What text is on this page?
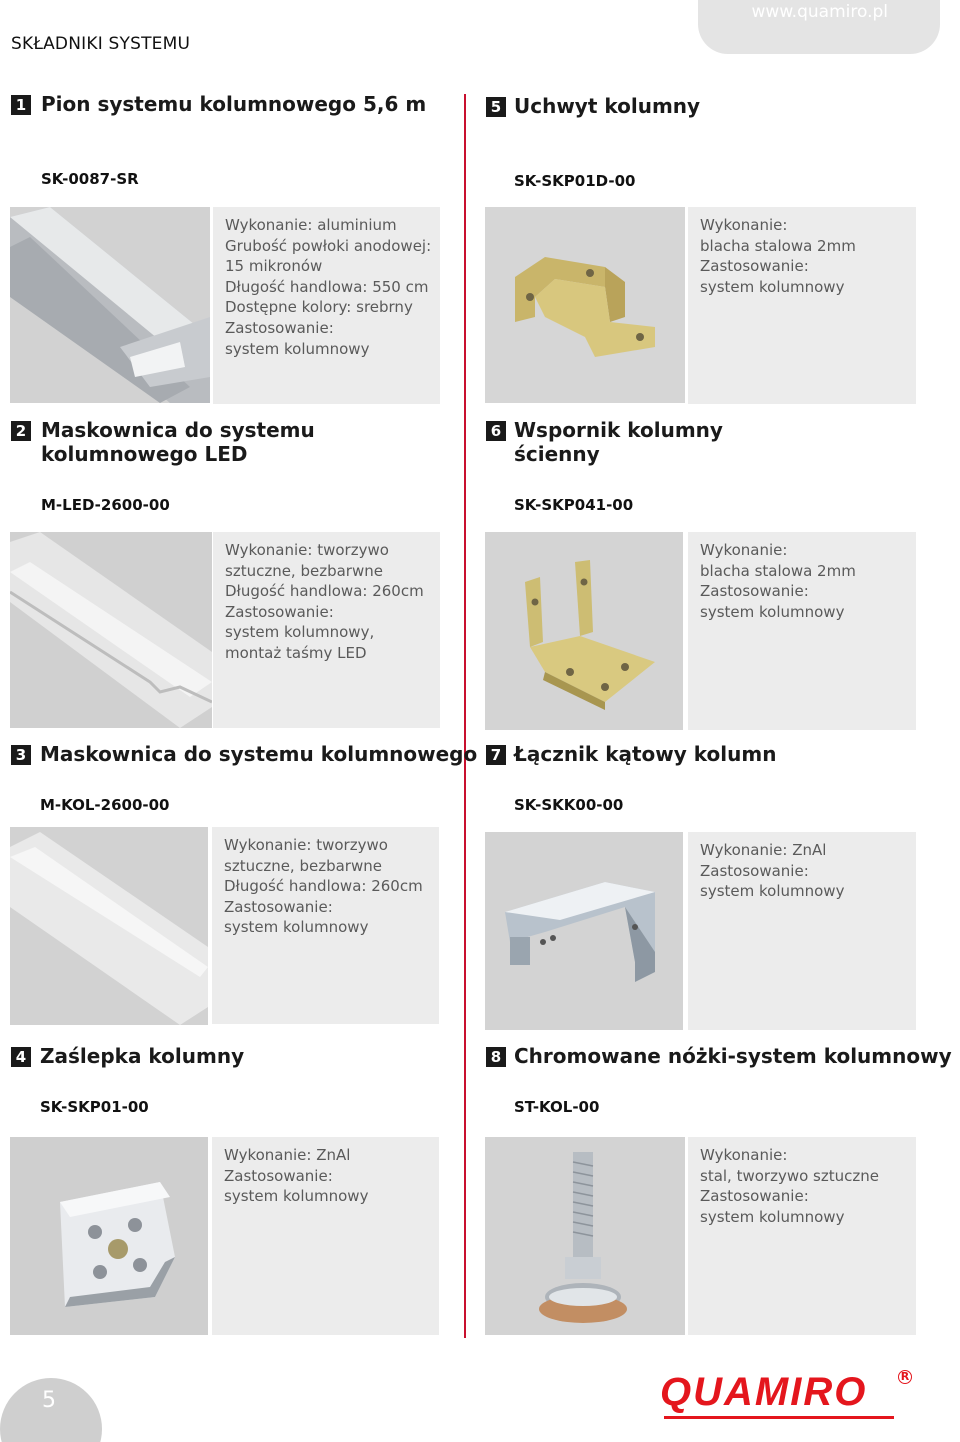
SKŁADNIKI SYSTEMU
www.quamiro.pl
1 Pion systemu kolumnowego 5,6 m
SK-0087-SR
Wykonanie: aluminium
Grubość powłoki anodowej:
15 mikronów
Długość handlowa: 550 cm
Dostępne kolory: srebrny
Zastosowanie:
system kolumnowy
2 Maskownica do systemu
kolumnowego LED
M-LED-2600-00
Wykonanie: tworzywo
sztuczne, bezbarwne
Długość handlowa: 260cm
Zastosowanie:
system kolumnowy,
montaż taśmy LED
3 Maskownica do systemu kolumnowego
M-KOL-2600-00
Wykonanie: tworzywo
sztuczne, bezbarwne
Długość handlowa: 260cm
Zastosowanie:
system kolumnowy
4 Zaślepka kolumny
SK-SKP01-00
Wykonanie: ZnAl
Zastosowanie:
system kolumnowy
5 Uchwyt kolumny
SK-SKP01D-00
Wykonanie:
blacha stalowa 2mm
Zastosowanie:
system kolumnowy
6 Wspornik kolumny
ścienny
SK-SKP041-00
Wykonanie:
blacha stalowa 2mm
Zastosowanie:
system kolumnowy
7 Łącznik kątowy kolumn
SK-SKK00-00
Wykonanie: ZnAl
Zastosowanie:
system kolumnowy
8 Chromowane nóżki-system kolumnowy
ST-KOL-00
Wykonanie:
stal, tworzywo sztuczne
Zastosowanie:
system kolumnowy
5	QUAMIRO	R
